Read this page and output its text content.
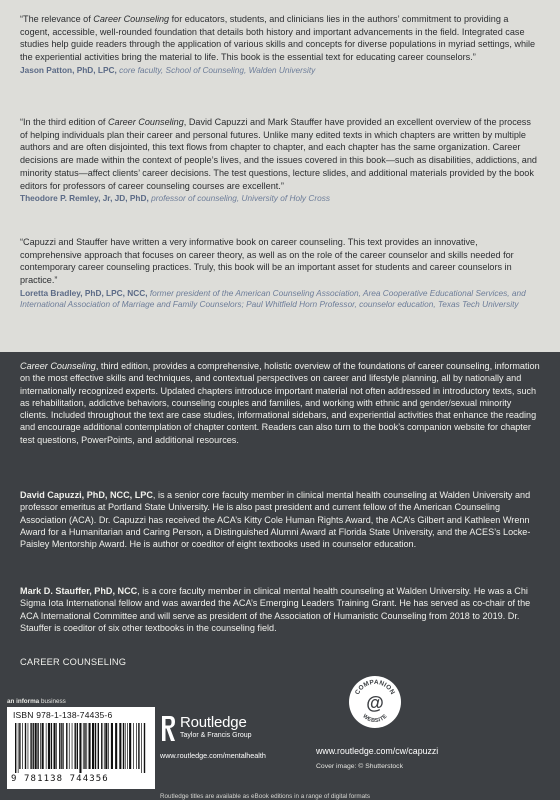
“The relevance of Career Counseling for educators, students, and clinicians lies in the authors’ commitment to providing a cogent, accessible, well-rounded foundation that details both history and important advancements in the field. Integrated case studies help guide readers through the application of various skills and concepts for diverse populations in myriad settings, while the experiential activities bring the material to life. This book is the essential text for educating career counselors.”
Jason Patton, PhD, LPC, core faculty, School of Counseling, Walden University
“In the third edition of Career Counseling, David Capuzzi and Mark Stauffer have provided an excellent overview of the process of helping individuals plan their career and personal futures. Unlike many edited texts in which chapters are written by multiple authors and are often disjointed, this text flows from chapter to chapter, and each chapter has the same organization. Career decisions are made within the context of people’s lives, and the issues covered in this book—such as disabilities, addictions, and minority status—affect clients’ career decisions. The test questions, lecture slides, and additional materials provided by the book editors for professors of career counseling courses are excellent.”
Theodore P. Remley, Jr, JD, PhD, professor of counseling, University of Holy Cross
“Capuzzi and Stauffer have written a very informative book on career counseling. This text provides an innovative, comprehensive approach that focuses on career theory, as well as on the role of the career counselor and skills needed for contemporary career counseling practices. Truly, this book will be an important asset for students and career counselors in practice.”
Loretta Bradley, PhD, LPC, NCC, former president of the American Counseling Association, Area Cooperative Educational Services, and International Association of Marriage and Family Counselors; Paul Whitfield Horn Professor, counselor education, Texas Tech University
Career Counseling, third edition, provides a comprehensive, holistic overview of the foundations of career counseling, information on the most effective skills and techniques, and contextual perspectives on career and lifestyle planning, all by nationally and internationally recognized experts. Updated chapters introduce important material not often addressed in introductory texts, such as rehabilitation, addictive behaviors, counseling couples and families, and working with ethnic and gender/sexual minority clients. Included throughout the text are case studies, informational sidebars, and experiential activities that enhance the reading and encourage additional contemplation of chapter content. Readers can also turn to the book’s companion website for chapter test questions, PowerPoints, and additional resources.
David Capuzzi, PhD, NCC, LPC, is a senior core faculty member in clinical mental health counseling at Walden University and professor emeritus at Portland State University. He is also past president and current fellow of the American Counseling Association (ACA). Dr. Capuzzi has received the ACA’s Kitty Cole Human Rights Award, the ACA’s Gilbert and Kathleen Wrenn Award for a Humanitarian and Caring Person, a Distinguished Alumni Award at Florida State University, and the ACES’s Locke-Paisley Mentorship Award. He is author or coeditor of eight textbooks used in counselor education.
Mark D. Stauffer, PhD, NCC, is a core faculty member in clinical mental health counseling at Walden University. He was a Chi Sigma Iota International fellow and was awarded the ACA’s Emerging Leaders Training Grant. He has served as co-chair of the ACA International Committee and will serve as president of the Association of Humanistic Counseling from 2018 to 2019. Dr. Stauffer is coeditor of six other textbooks in the counseling field.
CAREER COUNSELING
an informa business
ISBN 978-1-138-74435-6
9 781138 744356
Routledge
Taylor & Francis Group
www.routledge.com/mentalhealth
COMPANION
WEBSITE
@
www.routledge.com/cw/capuzzi
Cover image: © Shutterstock
Routledge titles are available as eBook editions in a range of digital formats
